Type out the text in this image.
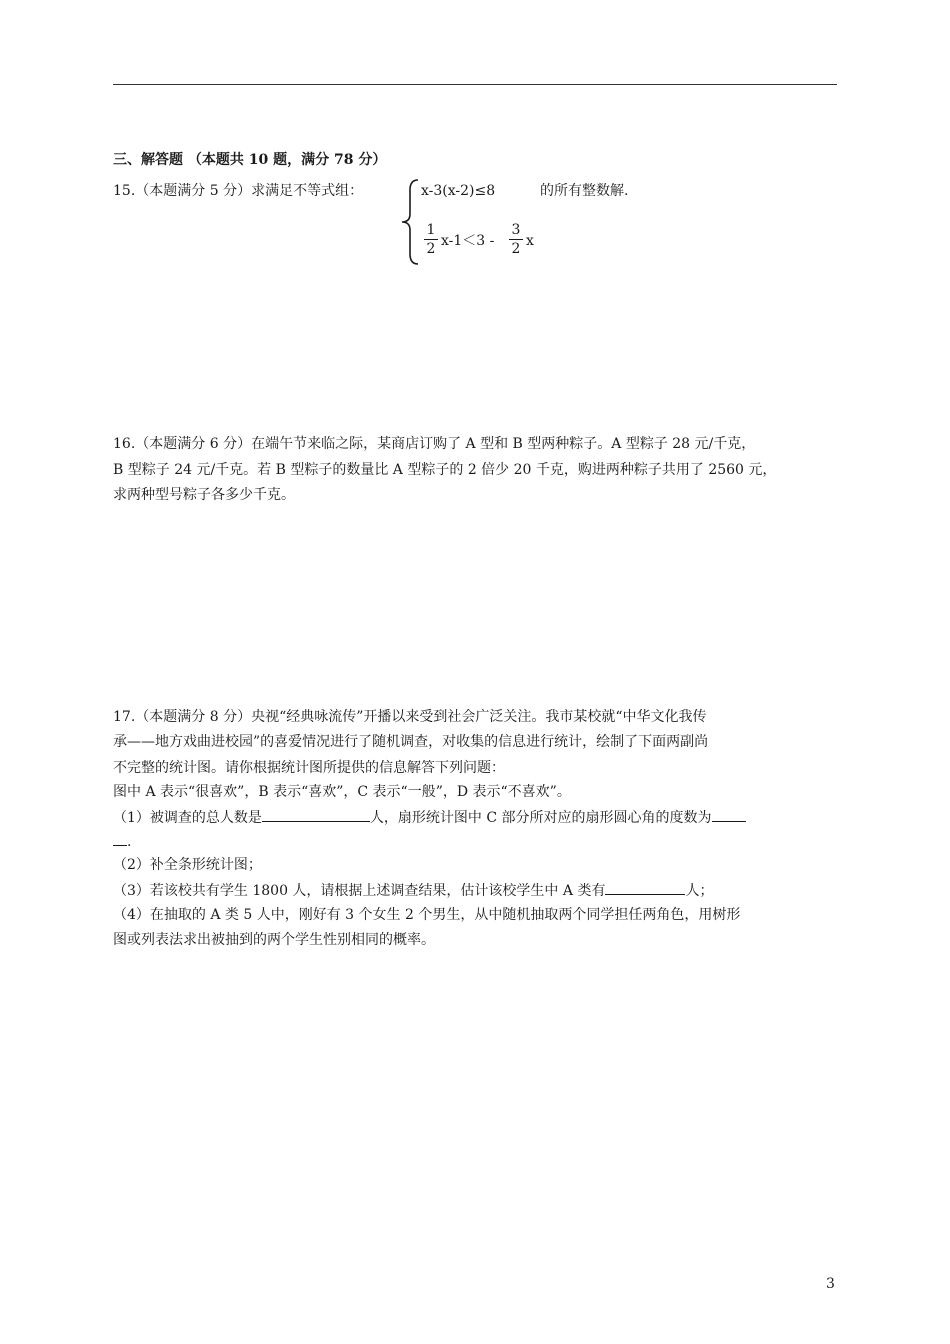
三、解答题 （本题共 10 题，满分 78 分）
15.（本题满分 5 分）求满足不等式组：	x-3(x-2)≤8	的所有整数解.
1
2 x-1＜3 -
3
2 x
16.（本题满分 6 分）在端午节来临之际，某商店订购了 A 型和 B 型两种粽子。A 型粽子 28 元/千克，
B 型粽子 24 元/千克。若 B 型粽子的数量比 A 型粽子的 2 倍少 20 千克，购进两种粽子共用了 2560 元，
求两种型号粽子各多少千克。
17.（本题满分 8 分）央视“经典咏流传”开播以来受到社会广泛关注。我市某校就“中华文化我传
承——地方戏曲进校园”的喜爱情况进行了随机调查，对收集的信息进行统计，绘制了下面两副尚
不完整的统计图。请你根据统计图所提供的信息解答下列问题：
图中 A 表示“很喜欢”，B 表示“喜欢”，C 表示“一般”，D 表示“不喜欢”。
（1）被调查的总人数是	人，扇形统计图中 C 部分所对应的扇形圆心角的度数为
.
（2）补全条形统计图；
（3）若该校共有学生 1800 人，请根据上述调查结果，估计该校学生中 A 类有	人；
（4）在抽取的 A 类 5 人中，刚好有 3 个女生 2 个男生，从中随机抽取两个同学担任两角色，用树形
图或列表法求出被抽到的两个学生性别相同的概率。
3
